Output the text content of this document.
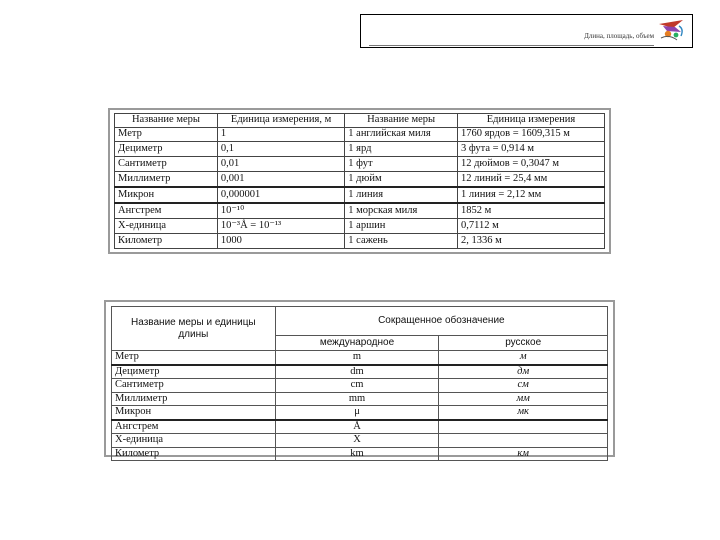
Длина, площадь, объем
Название меры	Единица измерения, м	Название меры	Единица измерения
Метр	1	1 английская миля	1760 ярдов = 1609,315 м
Дециметр	0,1	1 ярд	3 фута = 0,914 м
Сантиметр	0,01	1 фут	12 дюймов = 0,3047 м
Миллиметр	0,001	1 дюйм	12 линий = 25,4 мм
Микрон	0,000001	1 линия	1 линия = 2,12 мм
Ангстрем	10⁻¹⁰	1 морская миля	1852 м
Х-единица	10⁻³Å = 10⁻¹³	1 аршин	0,7112 м
Километр	1000	1 сажень	2, 1336 м
Название меры и единицы длины	Сокращенное обозначение	
	международное	русское
Метр	m	м
Дециметр	dm	дм
Сантиметр	cm	см
Миллиметр	mm	мм
Микрон	μ	мк
Ангстрем	Å	
Х-единица	X	
Километр	km	км
